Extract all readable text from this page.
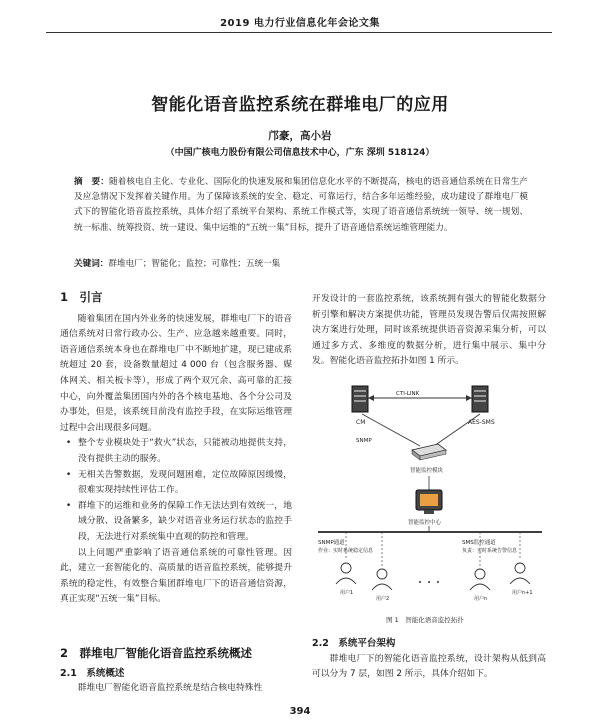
2019 电力行业信息化年会论文集
智能化语音监控系统在群堆电厂的应用
邝豪，高小岩
（中国广核电力股份有限公司信息技术中心，广东 深圳 518124）
摘　要：随着核电自主化、专业化、国际化的快速发展和集团信息化水平的不断提高，核电的语音通信系统在日常生产及应急情况下发挥着关键作用。为了保障该系统的安全、稳定、可靠运行，结合多年运维经验，成功建设了群堆电厂模式下的智能化语音监控系统，具体介绍了系统平台架构、系统工作模式等，实现了语音通信系统统一领导、统一规划、统一标准、统筹投资、统一建设、集中运维的“五统一集”目标，提升了语音通信系统运维管理能力。
关键词：群堆电厂；智能化；监控；可靠性；五统一集
1　引言

随着集团在国内外业务的快速发展，群堆电厂下的语音通信系统对日常行政办公、生产、应急越来越重要。同时，语音通信系统本身也在群堆电厂中不断地扩建，现已建成系统超过 20 套，设备数量超过 4 000 台（包含服务器、媒体网关、相关板卡等），形成了两个双冗余、高可靠的汇接中心，向外覆盖集团国内外的各个核电基地、各个分公司及办事处，但是，该系统目前没有监控手段，在实际运维管理过程中会出现很多问题。

• 整个专业模块处于“救火”状态，只能被动地提供支持，没有提供主动的服务。
• 无相关告警数据，发现问题困难，定位故障原因缓慢，很难实现持续性评估工作。
• 群堆下的运维和业务的保障工作无法达到有效统一，地域分散、设备繁多，缺少对语音业务运行状态的监控手段，无法进行对系统集中直观的防控和管理。

以上问题严重影响了语音通信系统的可靠性管理。因此，建立一套智能化的、高质量的语音监控系统，能够提升系统的稳定性，有效整合集团群堆电厂下的语音通信资源，真正实现“五统一集”目标。

2　群堆电厂智能化语音监控系统概述
2.1　系统概述

群堆电厂智能化语音监控系统是结合核电特殊性

开发设计的一套监控系统，该系统拥有强大的智能化数据分析引擎和解决方案提供功能，管理员发现告警后仅需按照解决方案进行处理，同时该系统提供语音资源采集分析，可以通过多方式、多维度的数据分析，进行集中展示、集中分发。智能化语音监控拓扑如图 1 所示。

CM	AES-SMS
CTI-LINK
SNMP
智能监控模块
智能监控中心
SNMP通道
作业：实时系统稳定信息
SMS监控通道
负责：实时系统告警信息
用户1
用户2	用户n
用户n+1
图 1　智能化语音监控拓扑
2.2　系统平台架构

群堆电厂下的智能化语音监控系统，设计架构从低到高可以分为 7 层，如图 2 所示，具体介绍如下。

394
